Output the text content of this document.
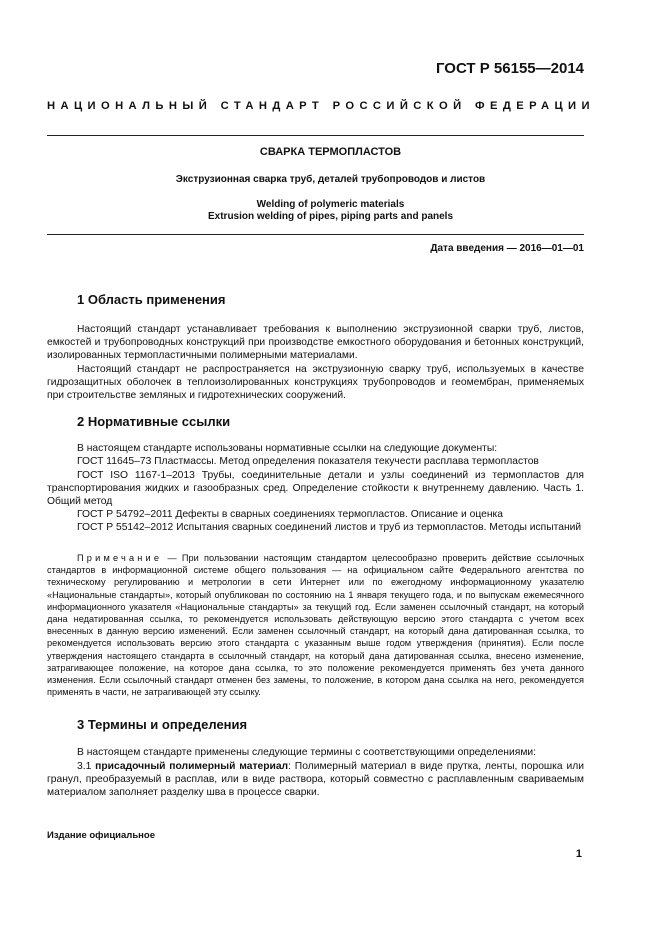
ГОСТ Р 56155—2014
НАЦИОНАЛЬНЫЙ СТАНДАРТ РОССИЙСКОЙ ФЕДЕРАЦИИ
СВАРКА ТЕРМОПЛАСТОВ
Экструзионная сварка труб, деталей трубопроводов и листов
Welding of polymeric materials
Extrusion welding of pipes, piping parts and panels
Дата введения — 2016—01—01
1 Область применения
Настоящий стандарт устанавливает требования к выполнению экструзионной сварки труб, листов, емкостей и трубопроводных конструкций при производстве емкостного оборудования и бетонных конструкций, изолированных термопластичными полимерными материалами.
Настоящий стандарт не распространяется на экструзионную сварку труб, используемых в качестве гидрозащитных оболочек в теплоизолированных конструкциях трубопроводов и геомембран, применяемых при строительстве земляных и гидротехнических сооружений.
2 Нормативные ссылки
В настоящем стандарте использованы нормативные ссылки на следующие документы:
ГОСТ 11645–73 Пластмассы. Метод определения показателя текучести расплава термопластов
ГОСТ ISO 1167-1–2013 Трубы, соединительные детали и узлы соединений из термопластов для транспортирования жидких и газообразных сред. Определение стойкости к внутреннему давлению. Часть 1. Общий метод
ГОСТ Р 54792–2011 Дефекты в сварных соединениях термопластов. Описание и оценка
ГОСТ Р 55142–2012 Испытания сварных соединений листов и труб из термопластов. Методы испытаний
Примечание — При пользовании настоящим стандартом целесообразно проверить действие ссылочных стандартов в информационной системе общего пользования — на официальном сайте Федерального агентства по техническому регулированию и метрологии в сети Интернет или по ежегодному информационному указателю «Национальные стандарты», который опубликован по состоянию на 1 января текущего года, и по выпускам ежемесячного информационного указателя «Национальные стандарты» за текущий год. Если заменен ссылочный стандарт, на который дана недатированная ссылка, то рекомендуется использовать действующую версию этого стандарта с учетом всех внесенных в данную версию изменений. Если заменен ссылочный стандарт, на который дана датированная ссылка, то рекомендуется использовать версию этого стандарта с указанным выше годом утверждения (принятия). Если после утверждения настоящего стандарта в ссылочный стандарт, на который дана датированная ссылка, внесено изменение, затрагивающее положение, на которое дана ссылка, то это положение рекомендуется применять без учета данного изменения. Если ссылочный стандарт отменен без замены, то положение, в котором дана ссылка на него, рекомендуется применять в части, не затрагивающей эту ссылку.
3 Термины и определения
В настоящем стандарте применены следующие термины с соответствующими определениями:
3.1 присадочный полимерный материал: Полимерный материал в виде прутка, ленты, порошка или гранул, преобразуемый в расплав, или в виде раствора, который совместно с расплавленным свариваемым материалом заполняет разделку шва в процессе сварки.
Издание официальное
1
